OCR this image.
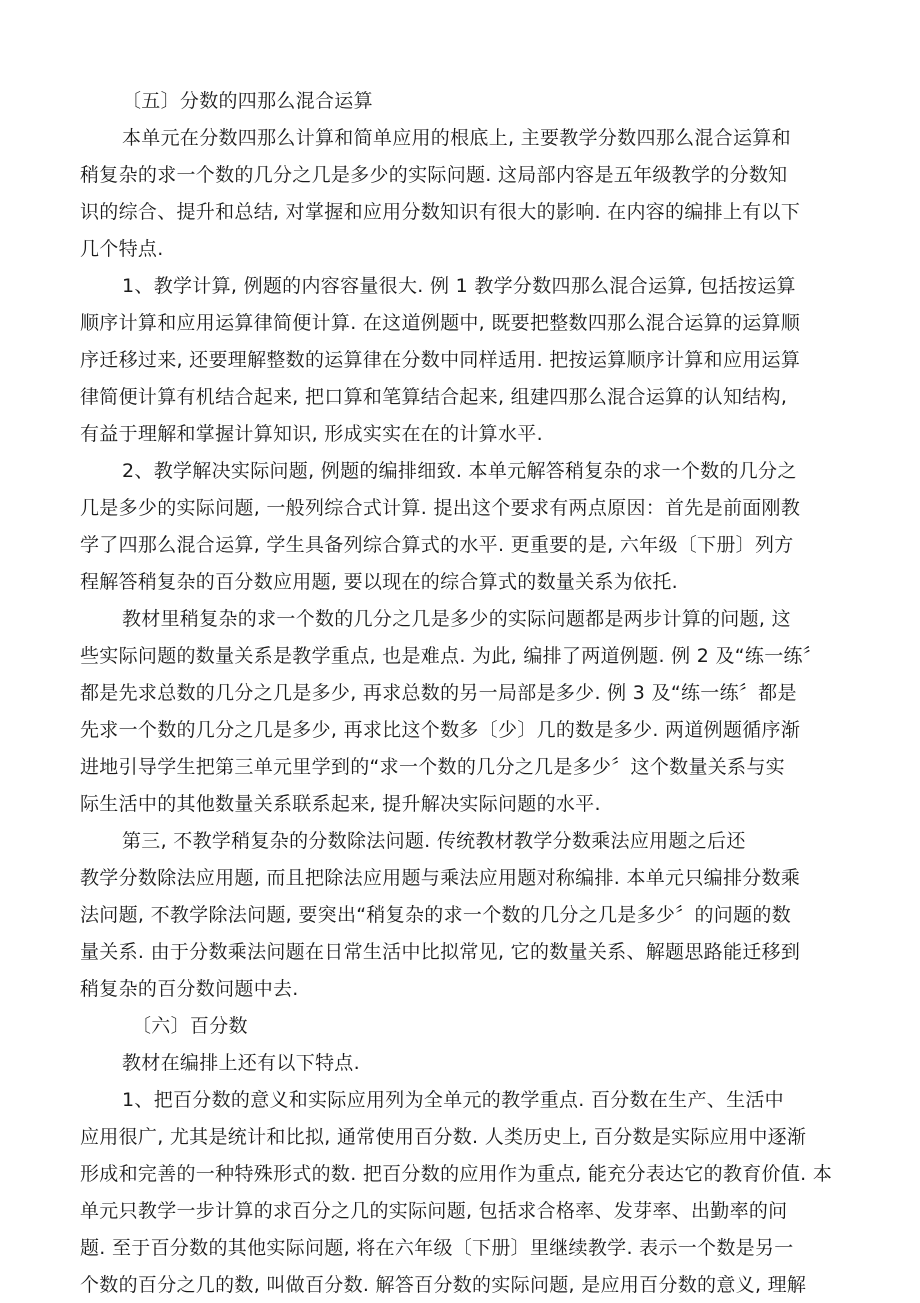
〔五〕分数的四那么混合运算
本单元在分数四那么计算和简单应用的根底上, 主要教学分数四那么混合运算和
稍复杂的求一个数的几分之几是多少的实际问题. 这局部内容是五年级教学的分数知
识的综合、提升和总结, 对掌握和应用分数知识有很大的影响. 在内容的编排上有以下
几个特点.
1、教学计算, 例题的内容容量很大. 例 1 教学分数四那么混合运算, 包括按运算
顺序计算和应用运算律简便计算. 在这道例题中, 既要把整数四那么混合运算的运算顺
序迁移过来, 还要理解整数的运算律在分数中同样适用. 把按运算顺序计算和应用运算
律简便计算有机结合起来, 把口算和笔算结合起来, 组建四那么混合运算的认知结构,
有益于理解和掌握计算知识, 形成实实在在的计算水平.
2、教学解决实际问题, 例题的编排细致. 本单元解答稍复杂的求一个数的几分之
几是多少的实际问题, 一般列综合式计算. 提出这个要求有两点原因：首先是前面刚教
学了四那么混合运算, 学生具备列综合算式的水平. 更重要的是, 六年级〔下册〕列方
程解答稍复杂的百分数应用题, 要以现在的综合算式的数量关系为依托.
教材里稍复杂的求一个数的几分之几是多少的实际问题都是两步计算的问题, 这
些实际问题的数量关系是教学重点, 也是难点. 为此, 编排了两道例题. 例 2 及“练一练〞
都是先求总数的几分之几是多少, 再求总数的另一局部是多少. 例 3 及“练一练〞都是
先求一个数的几分之几是多少, 再求比这个数多〔少〕几的数是多少. 两道例题循序渐
进地引导学生把第三单元里学到的“求一个数的几分之几是多少〞这个数量关系与实
际生活中的其他数量关系联系起来, 提升解决实际问题的水平.
第三, 不教学稍复杂的分数除法问题. 传统教材教学分数乘法应用题之后还
教学分数除法应用题, 而且把除法应用题与乘法应用题对称编排. 本单元只编排分数乘
法问题, 不教学除法问题, 要突出“稍复杂的求一个数的几分之几是多少〞的问题的数
量关系. 由于分数乘法问题在日常生活中比拟常见, 它的数量关系、解题思路能迁移到
稍复杂的百分数问题中去.
〔六〕百分数
教材在编排上还有以下特点.
1、把百分数的意义和实际应用列为全单元的教学重点. 百分数在生产、生活中
应用很广, 尤其是统计和比拟, 通常使用百分数. 人类历史上, 百分数是实际应用中逐渐
形成和完善的一种特殊形式的数. 把百分数的应用作为重点, 能充分表达它的教育价值. 本
单元只教学一步计算的求百分之几的实际问题, 包括求合格率、发芽率、出勤率的问
题. 至于百分数的其他实际问题, 将在六年级〔下册〕里继续教学. 表示一个数是另一
个数的百分之几的数, 叫做百分数. 解答百分数的实际问题, 是应用百分数的意义, 理解
